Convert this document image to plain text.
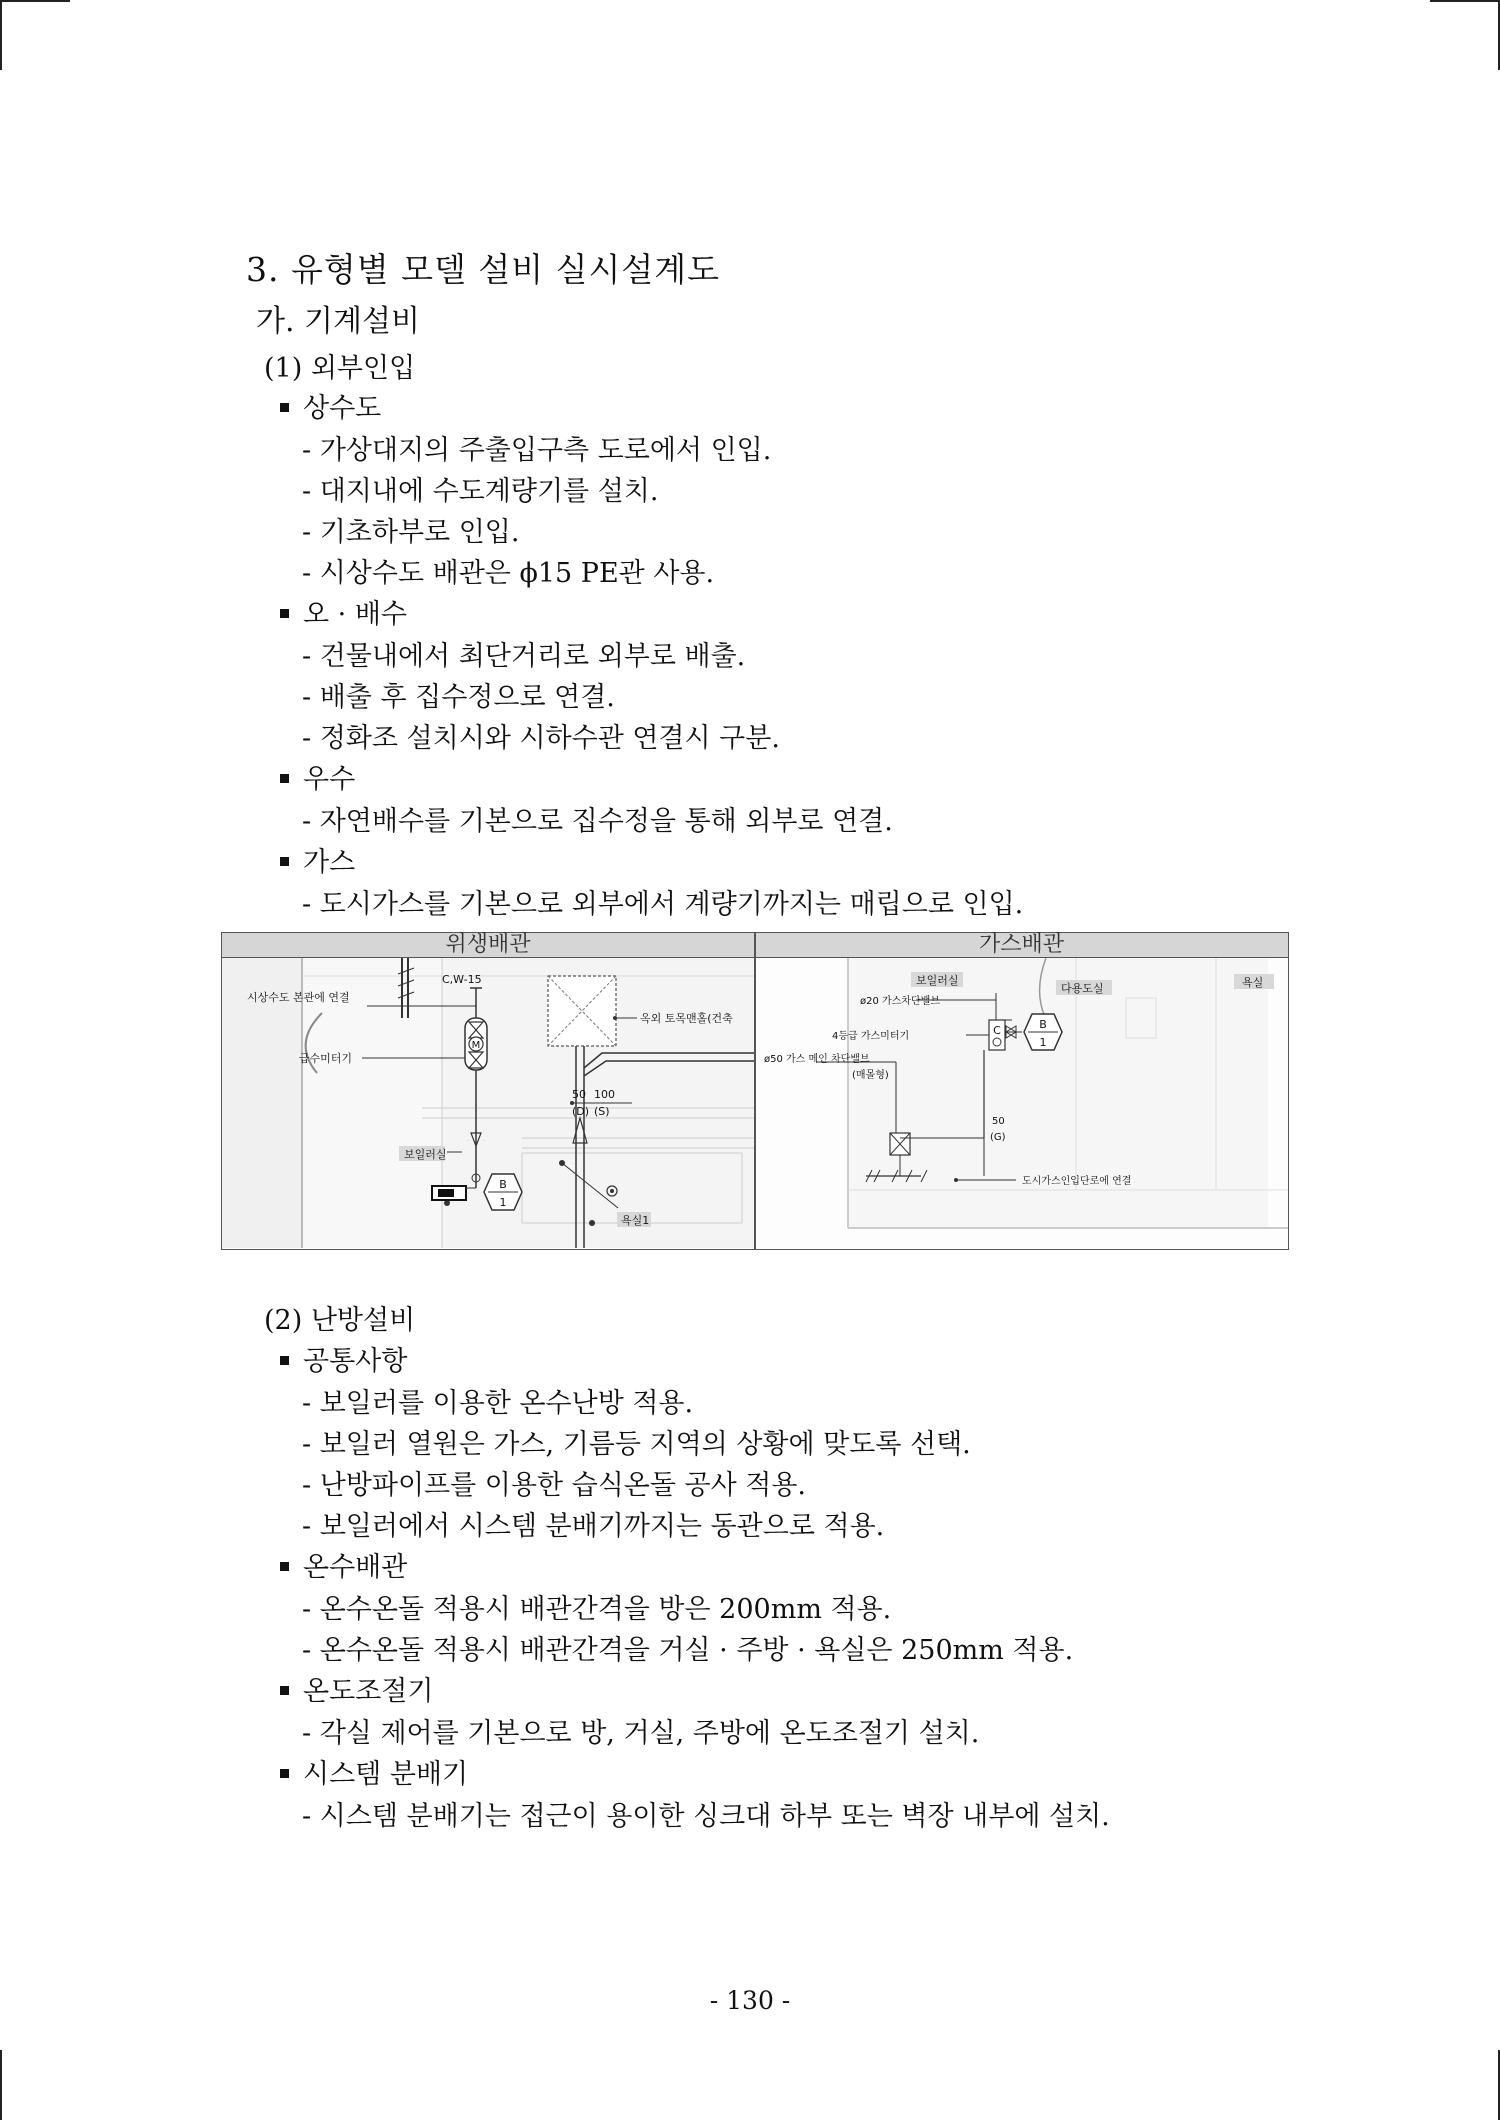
3. 유형별 모델 설비 실시설계도
가. 기계설비
(1) 외부인입
상수도
- 가상대지의 주출입구측 도로에서 인입.
- 대지내에 수도계량기를 설치.
- 기초하부로 인입.
- 시상수도 배관은 ϕ15 PE관 사용.
오 · 배수
- 건물내에서 최단거리로 외부로 배출.
- 배출 후 집수정으로 연결.
- 정화조 설치시와 시하수관 연결시 구분.
우수
- 자연배수를 기본으로 집수정을 통해 외부로 연결.
가스
- 도시가스를 기본으로 외부에서 계량기까지는 매립으로 인입.
위생배관	가스배관
M
시상수도 본관에 연결
C,W-15
급수미터기
옥외 토목맨홀(건축
50 100
(D) (S)
보일러실
B
1
욕실1
C
보일러실
다용도실	욕실
ø20 가스차단밸브
4등급 가스미터기
ø50 가스 메인 차단밸브
(매몰형)
50
(G)
도시가스인입단로에 연결
B
1
(2) 난방설비
공통사항
- 보일러를 이용한 온수난방 적용.
- 보일러 열원은 가스, 기름등 지역의 상황에 맞도록 선택.
- 난방파이프를 이용한 습식온돌 공사 적용.
- 보일러에서 시스템 분배기까지는 동관으로 적용.
온수배관
- 온수온돌 적용시 배관간격을 방은 200mm 적용.
- 온수온돌 적용시 배관간격을 거실 · 주방 · 욕실은 250mm 적용.
온도조절기
- 각실 제어를 기본으로 방, 거실, 주방에 온도조절기 설치.
시스템 분배기
- 시스템 분배기는 접근이 용이한 싱크대 하부 또는 벽장 내부에 설치.
- 130 -
